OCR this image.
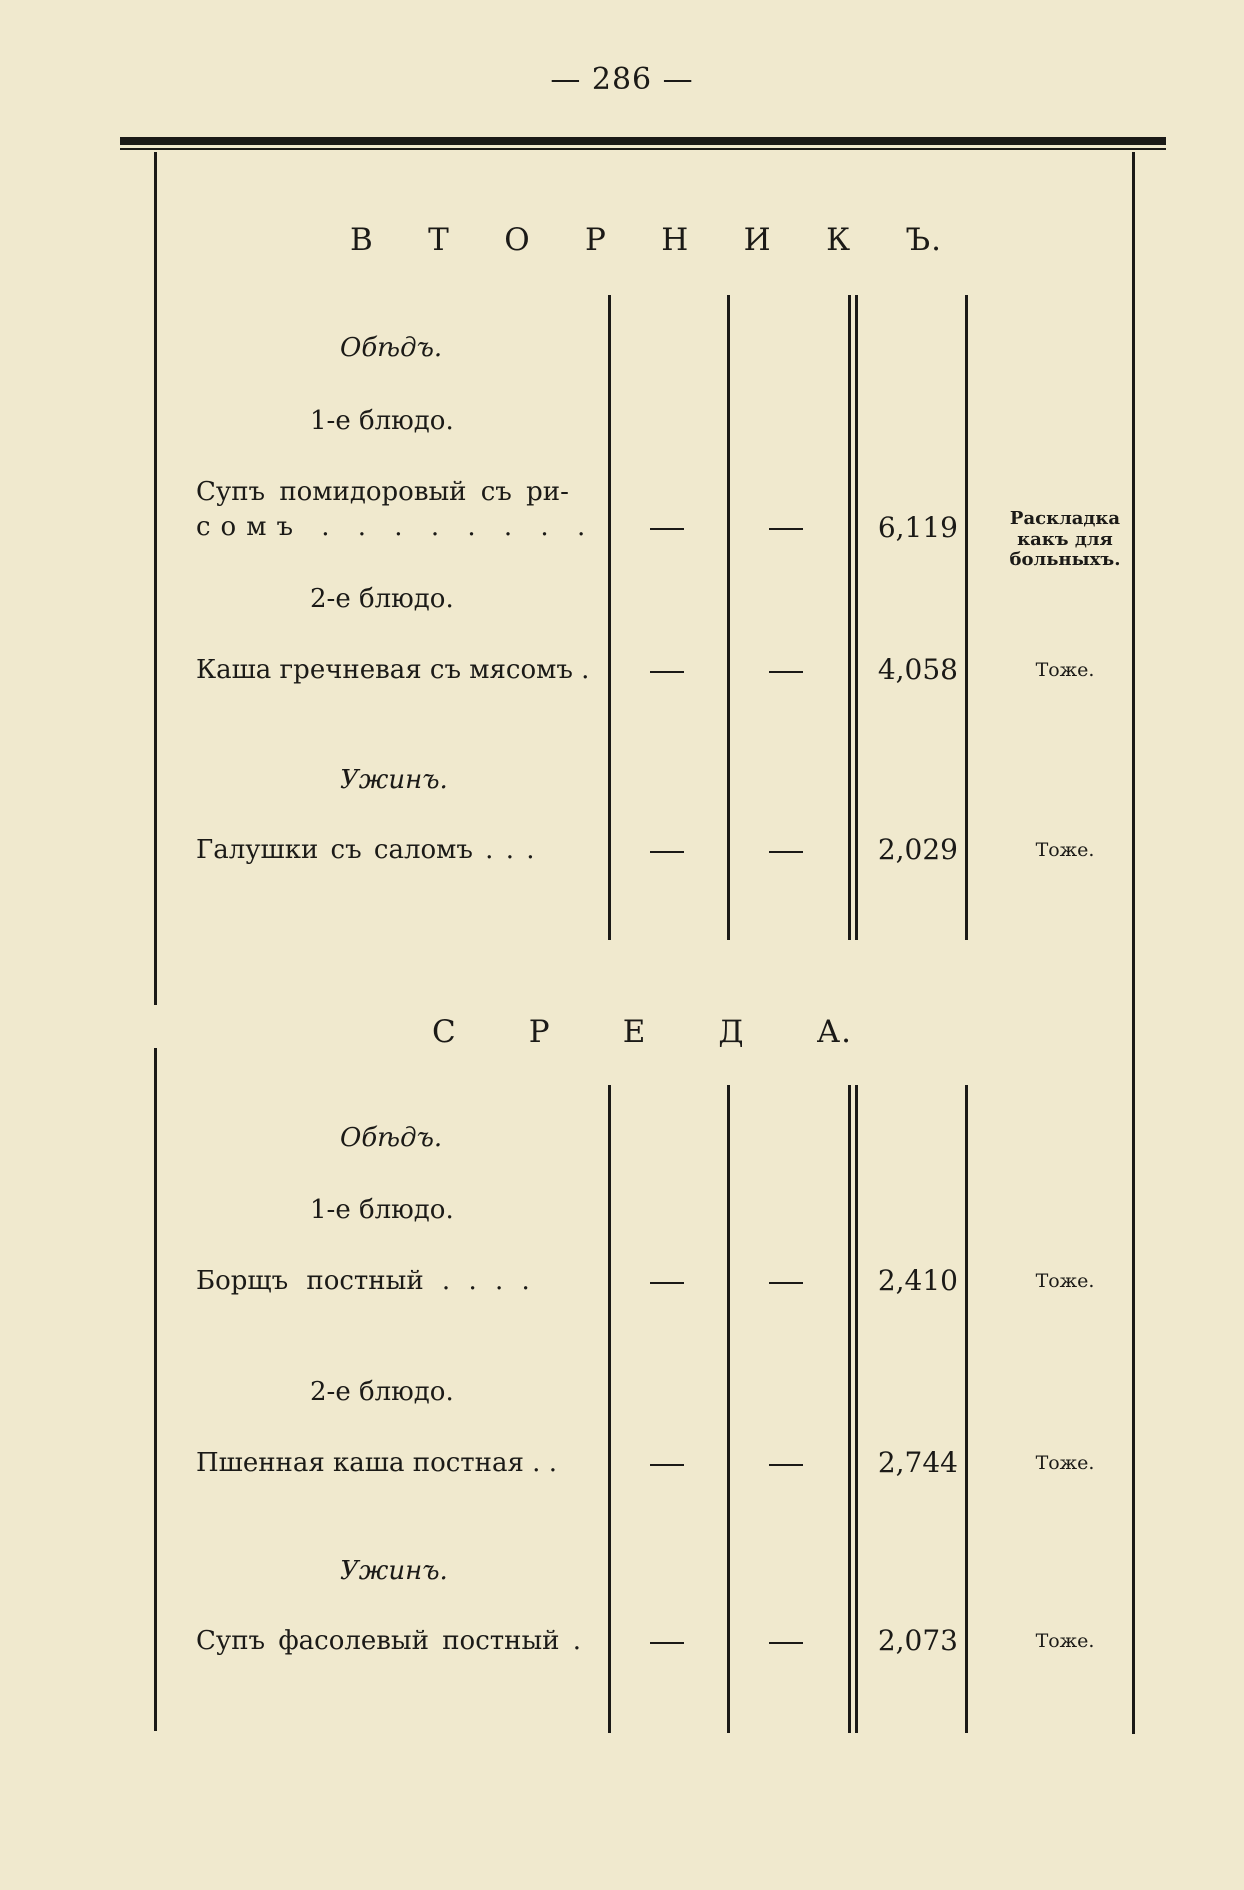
— 286 —
В Т О Р Н И К Ъ.
Обѣдъ.
1-е блюдо.
Супъ помидоровый съ ри-
сомъ . . . . . . . .	6,119	Раскладка какъ для больныхъ.
2-е блюдо.
Каша гречневая съ мясомъ .	4,058	Тоже.
Ужинъ.
Галушки съ саломъ . . .	2,029	Тоже.
С Р Е Д А.
Обѣдъ.
1-е блюдо.
Борщъ постный . . . .	2,410	Тоже.
2-е блюдо.
Пшенная каша постная . .	2,744	Тоже.
Ужинъ.
Супъ фасолевый постный .	2,073	Тоже.
